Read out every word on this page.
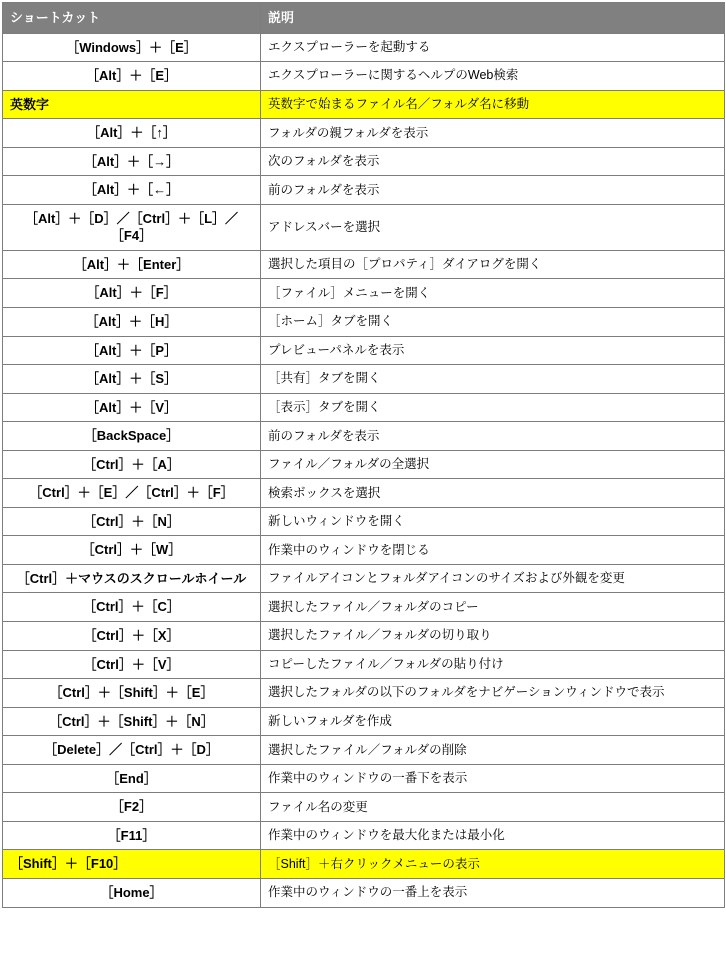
ショートカット	説明
［Windows］＋［E］	エクスプローラーを起動する
［Alt］＋［E］	エクスプローラーに関するヘルプのWeb検索
英数字	英数字で始まるファイル名／フォルダ名に移動
［Alt］＋［↑］	フォルダの親フォルダを表示
［Alt］＋［→］	次のフォルダを表示
［Alt］＋［←］	前のフォルダを表示
［Alt］＋［D］／［Ctrl］＋［L］／［F4］	アドレスバーを選択
［Alt］＋［Enter］	選択した項目の［プロパティ］ダイアログを開く
［Alt］＋［F］	［ファイル］メニューを開く
［Alt］＋［H］	［ホーム］タブを開く
［Alt］＋［P］	プレビューパネルを表示
［Alt］＋［S］	［共有］タブを開く
［Alt］＋［V］	［表示］タブを開く
［BackSpace］	前のフォルダを表示
［Ctrl］＋［A］	ファイル／フォルダの全選択
［Ctrl］＋［E］／［Ctrl］＋［F］	検索ボックスを選択
［Ctrl］＋［N］	新しいウィンドウを開く
［Ctrl］＋［W］	作業中のウィンドウを閉じる
［Ctrl］＋マウスのスクロールホイール	ファイルアイコンとフォルダアイコンのサイズおよび外観を変更
［Ctrl］＋［C］	選択したファイル／フォルダのコピー
［Ctrl］＋［X］	選択したファイル／フォルダの切り取り
［Ctrl］＋［V］	コピーしたファイル／フォルダの貼り付け
［Ctrl］＋［Shift］＋［E］	選択したフォルダの以下のフォルダをナビゲーションウィンドウで表示
［Ctrl］＋［Shift］＋［N］	新しいフォルダを作成
［Delete］／［Ctrl］＋［D］	選択したファイル／フォルダの削除
［End］	作業中のウィンドウの一番下を表示
［F2］	ファイル名の変更
［F11］	作業中のウィンドウを最大化または最小化
［Shift］＋［F10］	［Shift］＋右クリックメニューの表示
［Home］	作業中のウィンドウの一番上を表示
